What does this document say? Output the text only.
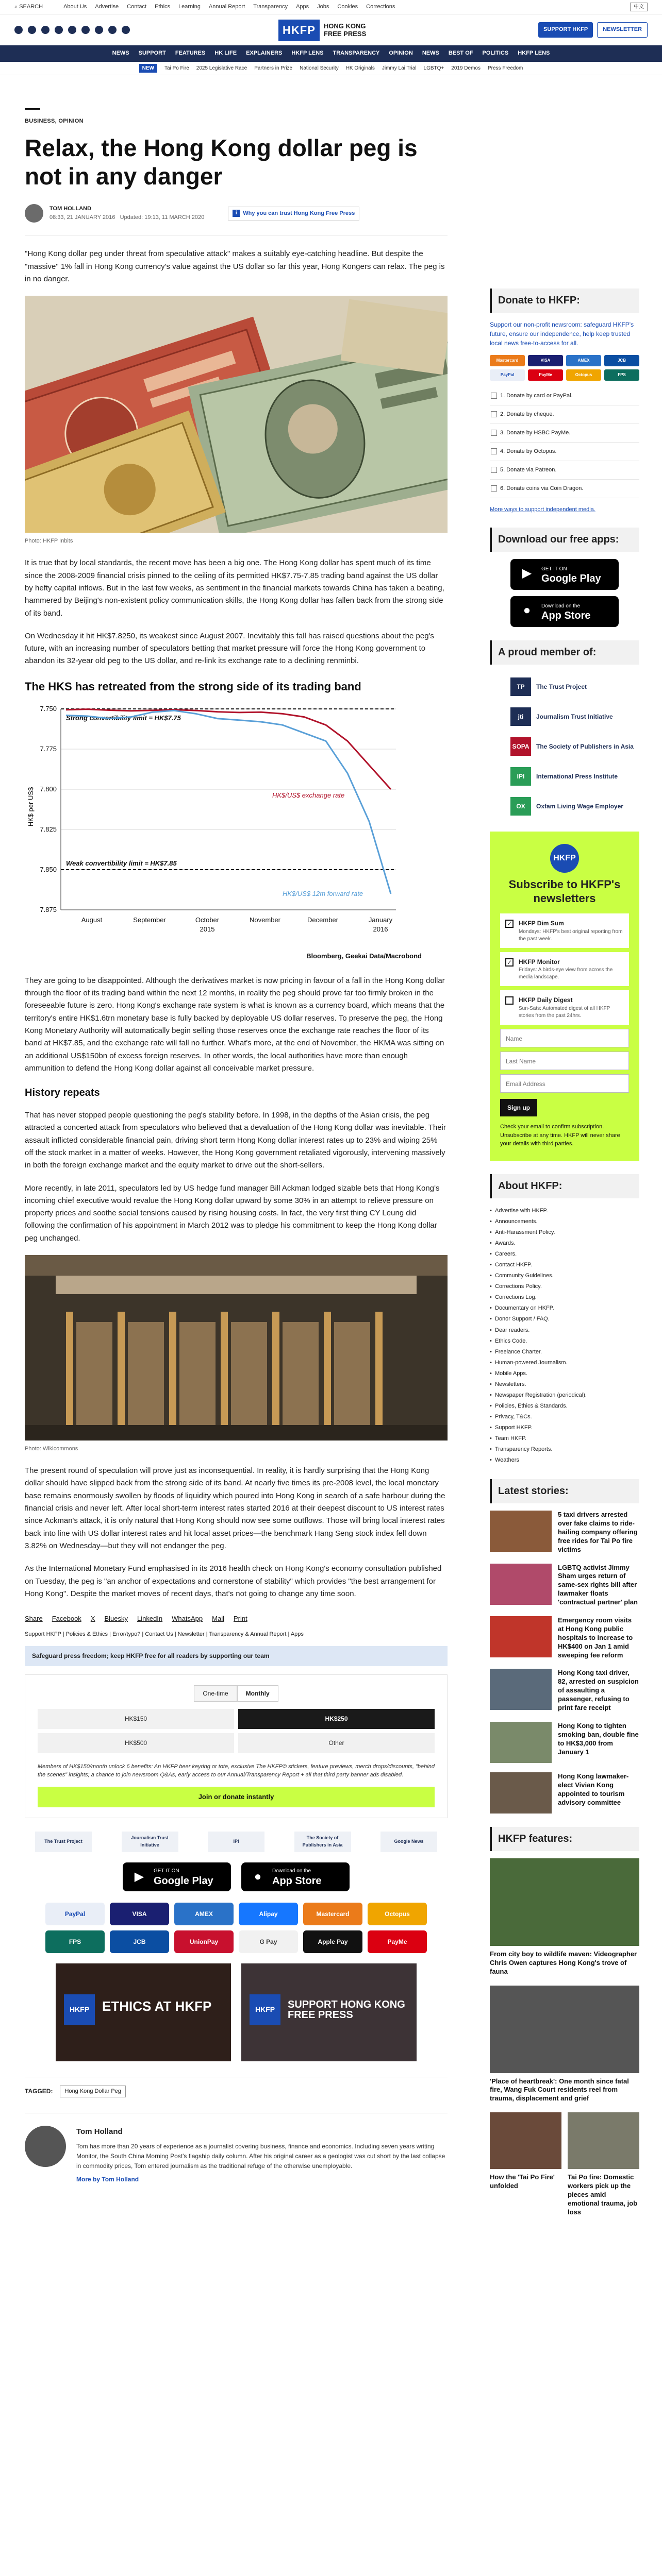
⌕ SEARCH	About Us Advertise Contact Ethics Learning Annual Report Transparency Apps Jobs Cookies Corrections	中文
HKFP	HONG KONG
FREE PRESS
SUPPORT HKFP	NEWSLETTER
NEWS SUPPORT FEATURES HK LIFE EXPLAINERS HKFP LENS TRANSPARENCY OPINION NEWS BEST OF POLITICS HKFP LENS
NEW	Tai Po Fire 2025 Legislative Race Partners in Prize National Security HK Originals Jimmy Lai Trial LGBTQ+ 2019 Demos Press Freedom
BUSINESS, OPINION
Relax, the Hong Kong dollar peg is not in any danger
TOM HOLLAND
08:33, 21 JANUARY 2016 Updated: 19:13, 11 MARCH 2020
i	Why you can trust Hong Kong Free Press

"Hong Kong dollar peg under threat from speculative attack" makes a suitably eye-catching headline. But despite the "massive" 1% fall in Hong Kong currency's value against the US dollar so far this year, Hong Kongers can relax. The peg is in no danger.

Photo: HKFP Inbits

It is true that by local standards, the recent move has been a big one. The Hong Kong dollar has spent much of its time since the 2008-2009 financial crisis pinned to the ceiling of its permitted HK$7.75-7.85 trading band against the US dollar by hefty capital inflows. But in the last few weeks, as sentiment in the financial markets towards China has taken a beating, hammered by Beijing's non-existent policy communication skills, the Hong Kong dollar has fallen back from the strong side of its band.

On Wednesday it hit HK$7.8250, its weakest since August 2007. Inevitably this fall has raised questions about the peg's future, with an increasing number of speculators betting that market pressure will force the Hong Kong government to abandon its 32-year old peg to the US dollar, and re-link its exchange rate to a declining renminbi.

The HKS has retreated from the strong side of its trading band
HK$ per US$
7.750
7.775
7.800
7.825
7.850
7.875
August	September	October
2015
November	December	January
2016
Strong convertibility limit = HK$7.75
Weak convertibility limit = HK$7.85
HK$/US$ exchange rate
HK$/US$ 12m forward rate
Bloomberg, Geekai Data/Macrobond

They are going to be disappointed. Although the derivatives market is now pricing in favour of a fall in the Hong Kong dollar through the floor of its trading band within the next 12 months, in reality the peg should prove far too firmly broken in the foreseeable future is zero. Hong Kong's exchange rate system is what is known as a currency board, which means that the territory's entire HK$1.6trn monetary base is fully backed by deployable US dollar reserves. To preserve the peg, the Hong Kong Monetary Authority will automatically begin selling those reserves once the exchange rate reaches the floor of its band at HK$7.85, and the exchange rate will fall no further. What's more, at the end of November, the HKMA was sitting on an additional US$150bn of excess foreign reserves. In other words, the local authorities have more than enough ammunition to defend the Hong Kong dollar against all conceivable market pressure.

History repeats

That has never stopped people questioning the peg's stability before. In 1998, in the depths of the Asian crisis, the peg attracted a concerted attack from speculators who believed that a devaluation of the Hong Kong dollar was inevitable. Their assault inflicted considerable financial pain, driving short term Hong Kong dollar interest rates up to 23% and wiping 25% off the stock market in a matter of weeks. However, the Hong Kong government retaliated vigorously, intervening massively in both the foreign exchange market and the equity market to drive out the short-sellers.

More recently, in late 2011, speculators led by US hedge fund manager Bill Ackman lodged sizable bets that Hong Kong's incoming chief executive would revalue the Hong Kong dollar upward by some 30% in an attempt to relieve pressure on property prices and soothe social tensions caused by rising housing costs. In fact, the very first thing CY Leung did following the confirmation of his appointment in March 2012 was to pledge his commitment to keep the Hong Kong dollar peg unchanged.

Photo: Wikicommons

The present round of speculation will prove just as inconsequential. In reality, it is hardly surprising that the Hong Kong dollar should have slipped back from the strong side of its band. At nearly five times its pre-2008 level, the local monetary base remains enormously swollen by floods of liquidity which poured into Hong Kong in search of a safe harbour during the financial crisis and never left. After local short-term interest rates started 2016 at their deepest discount to US interest rates since Ackman's attack, it is only natural that Hong Kong should now see some outflows. Those will bring local interest rates back into line with US dollar interest rates and hit local asset prices—the benchmark Hang Seng stock index fell down 3.82% on Wednesday—but they will not endanger the peg.

As the International Monetary Fund emphasised in its 2016 health check on Hong Kong's economy consultation published on Tuesday, the peg is "an anchor of expectations and cornerstone of stability" which provides "the best arrangement for Hong Kong". Despite the market moves of recent days, that's not going to change any time soon.

Share Facebook X Bluesky LinkedIn WhatsApp Mail Print
Support HKFP | Policies & Ethics | Error/typo? | Contact Us | Newsletter | Transparency & Annual Report | Apps
Safeguard press freedom; keep HKFP free for all readers by supporting our team
One-time	Monthly
HK$150	HK$250
HK$500	Other
Members of HK$150/month unlock 6 benefits: An HKFP beer keyring or tote, exclusive The HKFP© stickers, feature previews, merch drops/discounts, "behind the scenes" insights; a chance to join newsroom Q&As, early access to our Annual/Transparency Report + all that third party banner ads disabled.
Join or donate instantly
The Trust Project
Journalism Trust Initiative
IPI
The Society of Publishers in Asia
Google News
▶	GET IT ON
Google Play	●	Download on the
App Store
PayPal	VISA	AMEX	Alipay	Mastercard	Octopus
FPS	JCB	UnionPay	G Pay	Apple Pay	PayMe
HKFP ETHICS AT HKFP	HKFP	SUPPORT HONG KONG FREE PRESS
TAGGED:	Hong Kong Dollar Peg
Tom Holland
Tom has more than 20 years of experience as a journalist covering business, finance and economics. Including seven years writing Monitor, the South China Morning Post's flagship daily column. After his original career as a geologist was cut short by the last collapse in commodity prices, Tom entered journalism as the traditional refuge of the otherwise unemployable.
More by Tom Holland
Donate to HKFP:
Support our non-profit newsroom: safeguard HKFP's future, ensure our independence, help keep trusted local news free-to-access for all.
Mastercard	VISA	AMEX	JCB
PayPal	PayMe	Octopus	FPS
1. Donate by card or PayPal.
2. Donate by cheque.
3. Donate by HSBC PayMe.
4. Donate by Octopus.
5. Donate via Patreon.
6. Donate coins via Coin Dragon.
More ways to support independent media.
Download our free apps:
▶	GET IT ON
Google Play
●	Download on the
App Store
A proud member of:
TP	The Trust Project
jti	Journalism Trust Initiative
SOPA The Society of Publishers in Asia
IPI	International Press Institute
OX	Oxfam Living Wage Employer
HKFP
Subscribe to HKFP's newsletters
✓ HKFP Dim Sum
Mondays: HKFP's best original reporting from the past week.
✓ HKFP Monitor
Fridays: A birds-eye view from across the media landscape.
HKFP Daily Digest
Sun-Sats: Automated digest of all HKFP stories from the past 24hrs.
Name
Last Name
Email Address
Sign up
Check your email to confirm subscription. Unsubscribe at any time. HKFP will never share your details with third parties.
About HKFP:
• Advertise with HKFP.
• Announcements.
• Anti-Harassment Policy.
• Awards.
• Careers.
• Contact HKFP.
• Community Guidelines.
• Corrections Policy.
• Corrections Log.
• Documentary on HKFP.
• Donor Support / FAQ.
• Dear readers.
• Ethics Code.
• Freelance Charter.
• Human-powered Journalism.
• Mobile Apps.
• Newsletters.
• Newspaper Registration (periodical).
• Policies, Ethics & Standards.
• Privacy, T&Cs.
• Support HKFP.
• Team HKFP.
• Transparency Reports.
• Weathers
Latest stories:
5 taxi drivers arrested over fake claims to ride-hailing company offering free rides for Tai Po fire victims
LGBTQ activist Jimmy Sham urges return of same-sex rights bill after lawmaker floats 'contractual partner' plan
Emergency room visits at Hong Kong public hospitals to increase to HK$400 on Jan 1 amid sweeping fee reform
Hong Kong taxi driver, 82, arrested on suspicion of assaulting a passenger, refusing to print fare receipt
Hong Kong to tighten smoking ban, double fine to HK$3,000 from January 1
Hong Kong lawmaker-elect Vivian Kong appointed to tourism advisory committee
HKFP features:
From city boy to wildlife maven: Videographer Chris Owen captures Hong Kong's trove of fauna
'Place of heartbreak': One month since fatal fire, Wang Fuk Court residents reel from trauma, displacement and grief
How the 'Tai Po Fire' unfolded
Tai Po fire: Domestic workers pick up the pieces amid emotional trauma, job loss
